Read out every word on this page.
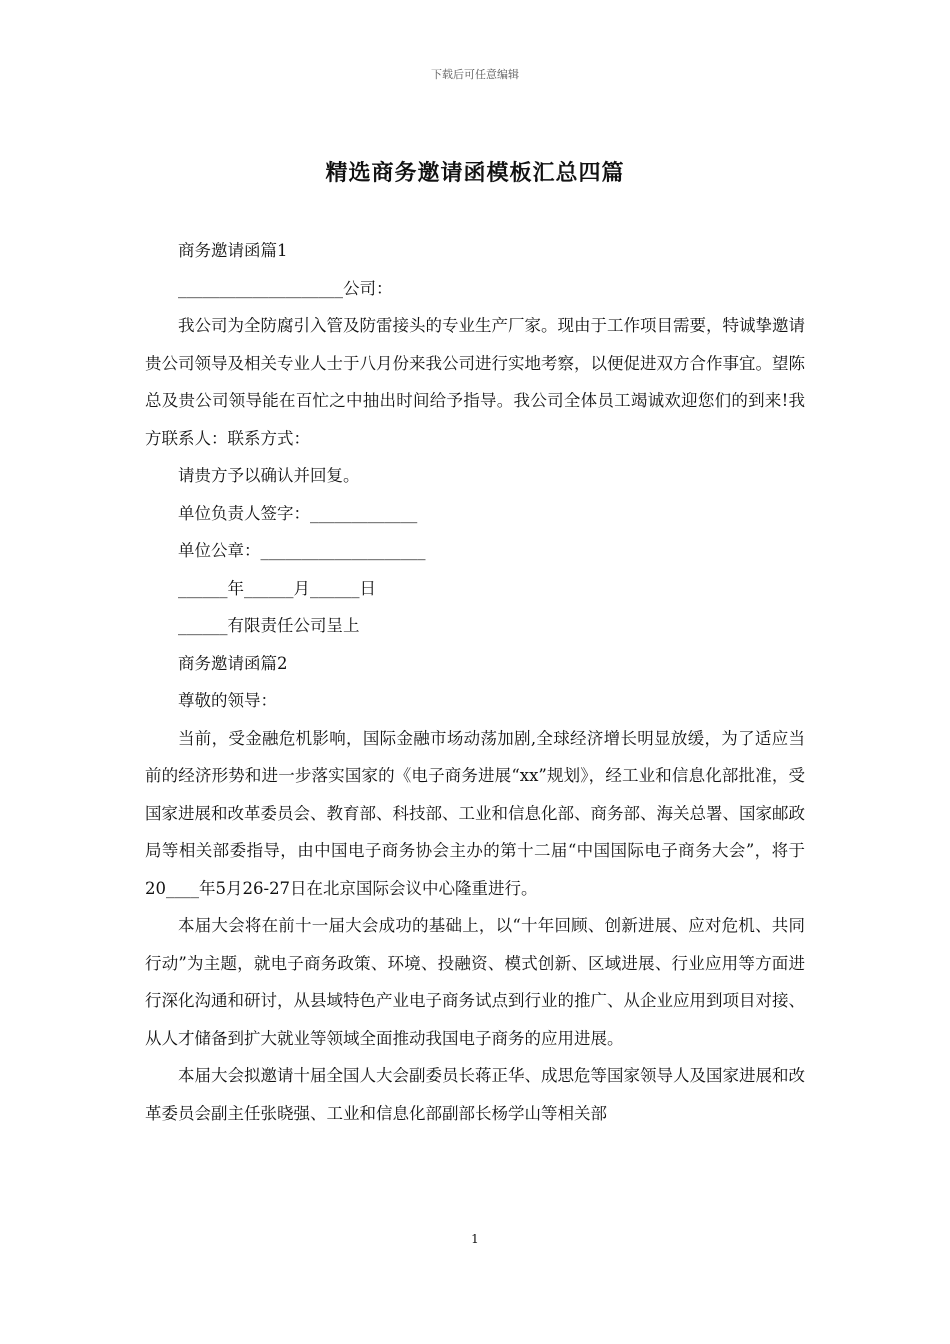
下载后可任意编辑
精选商务邀请函模板汇总四篇

商务邀请函篇1

____________________公司：

我公司为全防腐引入管及防雷接头的专业生产厂家。现由于工作项目需要，特诚挚邀请贵公司领导及相关专业人士于八月份来我公司进行实地考察，以便促进双方合作事宜。望陈总及贵公司领导能在百忙之中抽出时间给予指导。我公司全体员工竭诚欢迎您们的到来!我方联系人：联系方式：

请贵方予以确认并回复。

单位负责人签字：_____________

单位公章：____________________

______年______月______日

______有限责任公司呈上

商务邀请函篇2

尊敬的领导：

当前，受金融危机影响，国际金融市场动荡加剧,全球经济增长明显放缓，为了适应当前的经济形势和进一步落实国家的《电子商务进展“xx”规划》，经工业和信息化部批准，受国家进展和改革委员会、教育部、科技部、工业和信息化部、商务部、海关总署、国家邮政局等相关部委指导，由中国电子商务协会主办的第十二届“中国国际电子商务大会”，将于20____年5月26-27日在北京国际会议中心隆重进行。

本届大会将在前十一届大会成功的基础上，以“十年回顾、创新进展、应对危机、共同行动”为主题，就电子商务政策、环境、投融资、模式创新、区域进展、行业应用等方面进行深化沟通和研讨，从县域特色产业电子商务试点到行业的推广、从企业应用到项目对接、从人才储备到扩大就业等领域全面推动我国电子商务的应用进展。

本届大会拟邀请十届全国人大会副委员长蒋正华、成思危等国家领导人及国家进展和改革委员会副主任张晓强、工业和信息化部副部长杨学山等相关部

1
